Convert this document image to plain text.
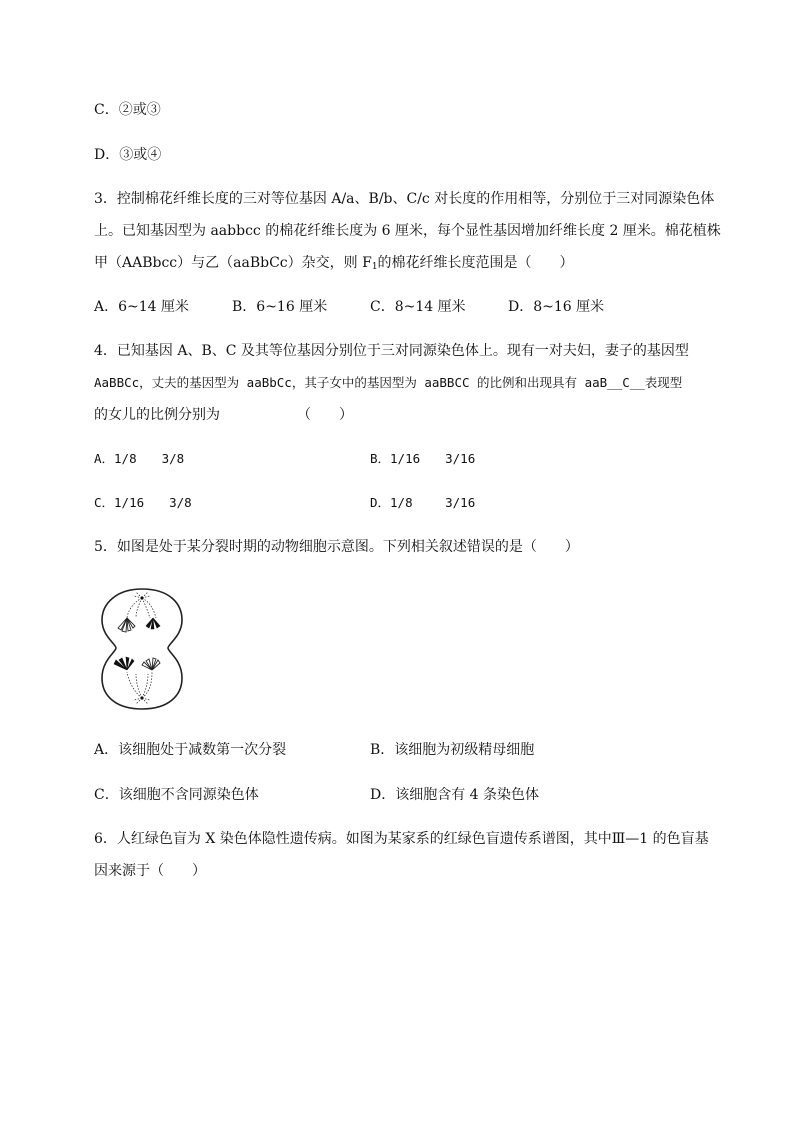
C．②或③
D．③或④
3．控制棉花纤维长度的三对等位基因 A/a、B/b、C/c 对长度的作用相等，分别位于三对同源染色体
上。已知基因型为 aabbcc 的棉花纤维长度为 6 厘米，每个显性基因增加纤维长度 2 厘米。棉花植株
甲（AABbcc）与乙（aaBbCc）杂交，则 $F_1$的棉花纤维长度范围是（　　）
A．6~14 厘米	B．6~16 厘米	C．8~14 厘米	D．8~16 厘米
4．已知基因 A、B、C 及其等位基因分别位于三对同源染色体上。现有一对夫妇，妻子的基因型
AaBBCc，丈夫的基因型为 aaBbCc，其子女中的基因型为 aaBBCC 的比例和出现具有 aaB__C__表现型
的女儿的比例分别为　　　　　　（　　）
A．1/8　　3/8	B．1/16　　3/16
C．1/16　　3/8	D．1/8　　 3/16
5．如图是处于某分裂时期的动物细胞示意图。下列相关叙述错误的是（　　）
A．该细胞处于减数第一次分裂	B．该细胞为初级精母细胞
C．该细胞不含同源染色体	D．该细胞含有 4 条染色体
6．人红绿色盲为 X 染色体隐性遗传病。如图为某家系的红绿色盲遗传系谱图，其中Ⅲ—1 的色盲基
因来源于（　　）
